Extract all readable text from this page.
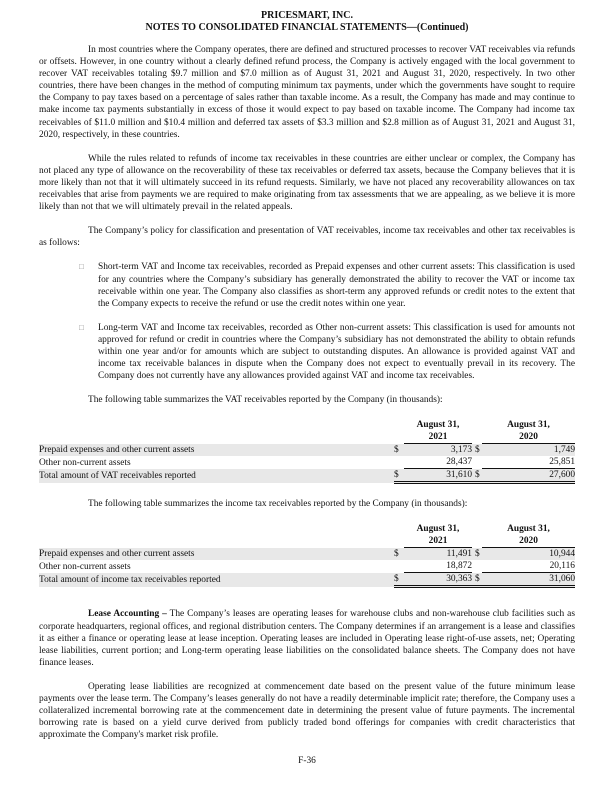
PRICESMART, INC.
NOTES TO CONSOLIDATED FINANCIAL STATEMENTS—(Continued)

In most countries where the Company operates, there are defined and structured processes to recover VAT receivables via refunds or offsets. However, in one country without a clearly defined refund process, the Company is actively engaged with the local government to recover VAT receivables totaling $9.7 million and $7.0 million as of August 31, 2021 and August 31, 2020, respectively. In two other countries, there have been changes in the method of computing minimum tax payments, under which the governments have sought to require the Company to pay taxes based on a percentage of sales rather than taxable income. As a result, the Company has made and may continue to make income tax payments substantially in excess of those it would expect to pay based on taxable income. The Company had income tax receivables of $11.0 million and $10.4 million and deferred tax assets of $3.3 million and $2.8 million as of August 31, 2021 and August 31, 2020, respectively, in these countries.

While the rules related to refunds of income tax receivables in these countries are either unclear or complex, the Company has not placed any type of allowance on the recoverability of these tax receivables or deferred tax assets, because the Company believes that it is more likely than not that it will ultimately succeed in its refund requests. Similarly, we have not placed any recoverability allowances on tax receivables that arise from payments we are required to make originating from tax assessments that we are appealing, as we believe it is more likely than not that we will ultimately prevail in the related appeals.

The Company’s policy for classification and presentation of VAT receivables, income tax receivables and other tax receivables is as follows:

□ Short-term VAT and Income tax receivables, recorded as Prepaid expenses and other current assets: This classification is used for any countries where the Company’s subsidiary has generally demonstrated the ability to recover the VAT or income tax receivable within one year. The Company also classifies as short-term any approved refunds or credit notes to the extent that the Company expects to receive the refund or use the credit notes within one year.

□ Long-term VAT and Income tax receivables, recorded as Other non-current assets: This classification is used for amounts not approved for refund or credit in countries where the Company’s subsidiary has not demonstrated the ability to obtain refunds within one year and/or for amounts which are subject to outstanding disputes. An allowance is provided against VAT and income tax receivable balances in dispute when the Company does not expect to eventually prevail in its recovery. The Company does not currently have any allowances provided against VAT and income tax receivables.

The following table summarizes the VAT receivables reported by the Company (in thousands):

		August 31,
2021		August 31,
2020
Prepaid expenses and other current assets	$	3,173	$	1,749
Other non-current assets		28,437		25,851
Total amount of VAT receivables reported	$	31,610	$	27,600

The following table summarizes the income tax receivables reported by the Company (in thousands):

		August 31,
2021		August 31,
2020
Prepaid expenses and other current assets	$	11,491	$	10,944
Other non-current assets		18,872		20,116
Total amount of income tax receivables reported	$	30,363	$	31,060

Lease Accounting – The Company’s leases are operating leases for warehouse clubs and non-warehouse club facilities such as corporate headquarters, regional offices, and regional distribution centers. The Company determines if an arrangement is a lease and classifies it as either a finance or operating lease at lease inception. Operating leases are included in Operating lease right-of-use assets, net; Operating lease liabilities, current portion; and Long-term operating lease liabilities on the consolidated balance sheets. The Company does not have finance leases.

Operating lease liabilities are recognized at commencement date based on the present value of the future minimum lease payments over the lease term. The Company’s leases generally do not have a readily determinable implicit rate; therefore, the Company uses a collateralized incremental borrowing rate at the commencement date in determining the present value of future payments. The incremental borrowing rate is based on a yield curve derived from publicly traded bond offerings for companies with credit characteristics that approximate the Company's market risk profile.

F-36
